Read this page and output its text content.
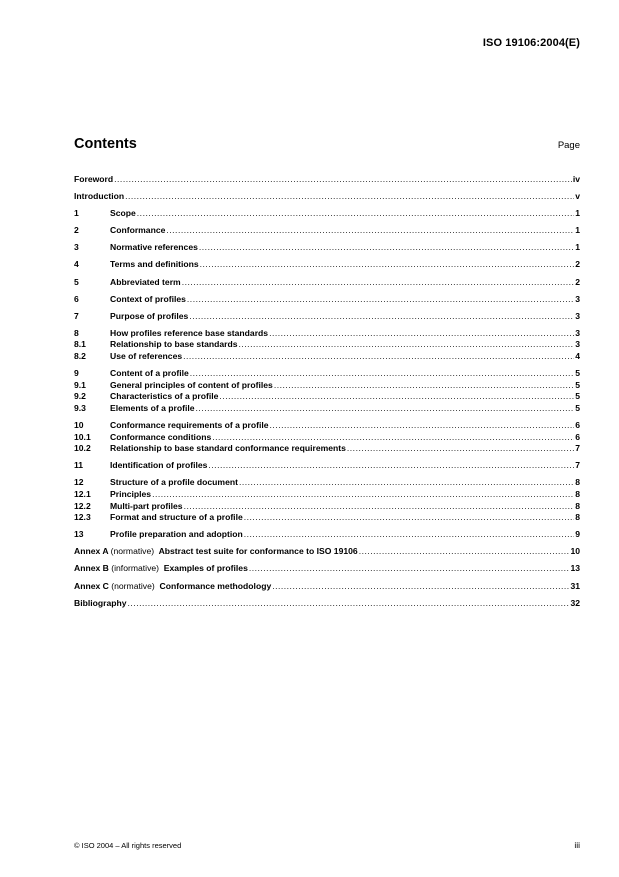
ISO 19106:2004(E)
Contents	Page
Foreword .....	iv
Introduction .....	v
1	Scope .....	1
2	Conformance .....	1
3	Normative references .....	1
4	Terms and definitions .....	2
5	Abbreviated term .....	2
6	Context of profiles .....	3
7	Purpose of profiles .....	3
8	How profiles reference base standards .....	3
8.1	Relationship to base standards .....	3
8.2	Use of references .....	4
9	Content of a profile .....	5
9.1	General principles of content of profiles .....	5
9.2	Characteristics of a profile .....	5
9.3	Elements of a profile .....	5
10	Conformance requirements of a profile .....	6
10.1	Conformance conditions .....	6
10.2	Relationship to base standard conformance requirements .....	7
11	Identification of profiles .....	7
12	Structure of a profile document .....	8
12.1	Principles .....	8
12.2	Multi-part profiles .....	8
12.3	Format and structure of a profile .....	8
13	Profile preparation and adoption .....	9
Annex A (normative) Abstract test suite for conformance to ISO 19106 .....	10
Annex B (informative) Examples of profiles .....	13
Annex C (normative) Conformance methodology .....	31
Bibliography .....	32
© ISO 2004 – All rights reserved	iii
